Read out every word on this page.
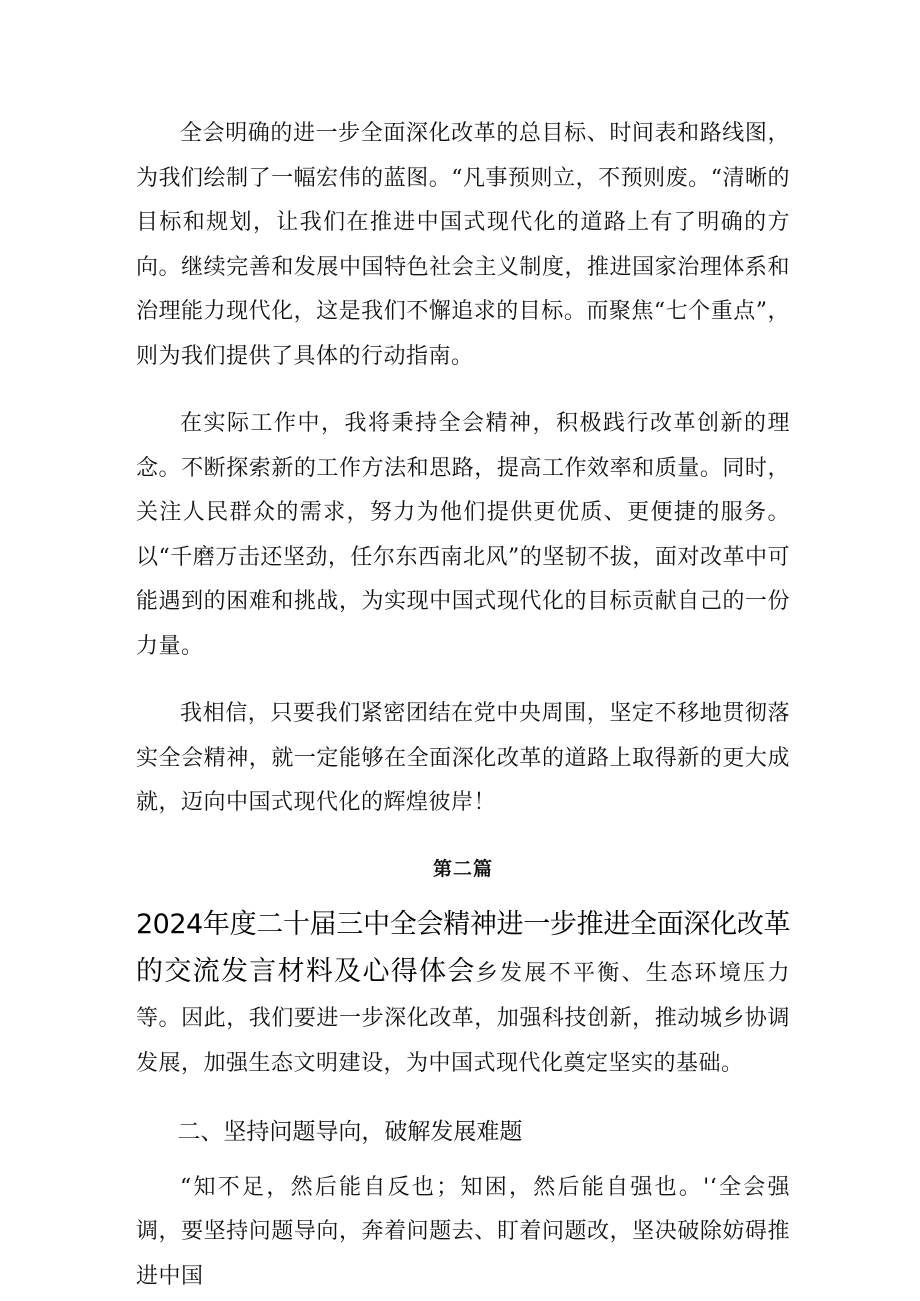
全会明确的进一步全面深化改革的总目标、时间表和路线图，为我们绘制了一幅宏伟的蓝图。“凡事预则立，不预则废。“清晰的目标和规划，让我们在推进中国式现代化的道路上有了明确的方向。继续完善和发展中国特色社会主义制度，推进国家治理体系和治理能力现代化，这是我们不懈追求的目标。而聚焦“七个重点”，则为我们提供了具体的行动指南。

在实际工作中，我将秉持全会精神，积极践行改革创新的理念。不断探索新的工作方法和思路，提高工作效率和质量。同时，关注人民群众的需求，努力为他们提供更优质、更便捷的服务。以“千磨万击还坚劲，任尔东西南北风”的坚韧不拔，面对改革中可能遇到的困难和挑战，为实现中国式现代化的目标贡献自己的一份力量。

我相信，只要我们紧密团结在党中央周围，坚定不移地贯彻落实全会精神，就一定能够在全面深化改革的道路上取得新的更大成就，迈向中国式现代化的辉煌彼岸！

第二篇

2024年度二十届三中全会精神进一步推进全面深化改革的交流发言材料及心得体会乡发展不平衡、生态环境压力等。因此，我们要进一步深化改革，加强科技创新，推动城乡协调发展，加强生态文明建设，为中国式现代化奠定坚实的基础。

二、坚持问题导向，破解发展难题

“知不足，然后能自反也；知困，然后能自强也。'‘全会强调，要坚持问题导向，奔着问题去、盯着问题改，坚决破除妨碍推进中国
